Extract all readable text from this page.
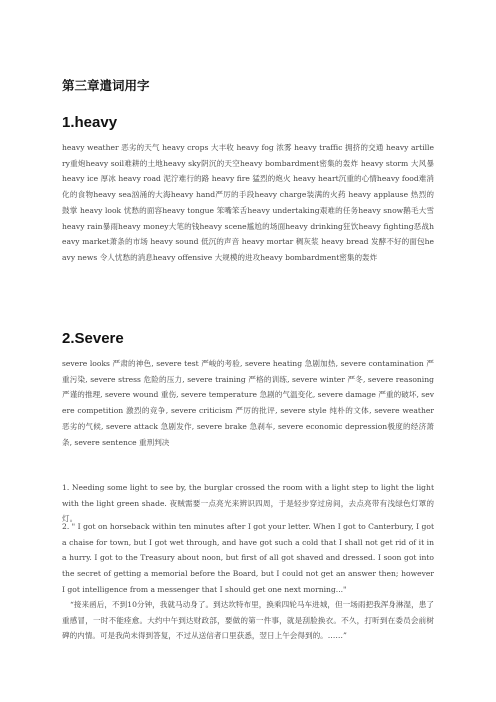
第三章遣词用字
1.heavy

heavy weather 恶劣的天气 heavy crops 大丰收 heavy fog 浓雾 heavy traffic 拥挤的交通 heavy artillery重炮heavy soil难耕的土地heavy sky阴沉的天空heavy bombardment密集的轰炸 heavy storm 大风暴 heavy ice 厚冰 heavy road 泥泞难行的路 heavy fire 猛烈的炮火 heavy heart沉重的心情heavy food难消化的食物heavy sea汹涌的大海heavy hand严厉的手段heavy charge装满的火药 heavy applause 热烈的鼓掌 heavy look 忧愁的面容heavy tongue 笨嘴笨舌heavy undertaking艰难的任务heavy snow鹅毛大雪heavy rain暴雨heavy money大笔的钱heavy scene尴尬的场面heavy drinking狂饮heavy fighting恶战heavy market萧条的市场 heavy sound 低沉的声音 heavy mortar 稠灰浆 heavy bread 发酵不好的面包heavy news 令人忧愁的消息heavy offensive 大规模的进攻heavy bombardment密集的轰炸

2.Severe

severe looks 严肃的神色, severe test 严峻的考验, severe heating 急剧加热, severe contamination 严重污染, severe stress 危险的压力, severe training 严格的训练, severe winter 严冬, severe reasoning 严谨的推理, severe wound 重伤, severe temperature 急剧的气温变化, severe damage 严重的破坏, severe competition 激烈的竞争, severe criticism 严厉的批评, severe style 纯朴的文体, severe weather 恶劣的气候, severe attack 急剧发作, severe brake 急刹车, severe economic depression极度的经济萧条, severe sentence 重刑判决

1. Needing some light to see by, the burglar crossed the room with a light step to light the light with the light green shade. 夜贼需要一点亮光来辨识四周，于是轻步穿过房间，去点亮带有浅绿色灯罩的灯。

2. " I got on horseback within ten minutes after I got your letter. When I got to Canterbury, I got a chaise for town, but I got wet through, and have got such a cold that I shall not get rid of it in a hurry. I got to the Treasury about noon, but first of all got shaved and dressed. I soon got into the secret of getting a memorial before the Board, but I could not get an answer then; however I got intelligence from a messenger that I should get one next morning..."

“接来函后，不到10分钟，我就马动身了。到达坎特布里，换乘四轮马车进城，但一场雨把我浑身淋湿，患了重感冒，一时不能痊愈。大约中午到达财政部，要做的第一件事，就是刮脸换衣。不久，打听到在委员会前树碑的内情。可是我尚未得到答复，不过从送信者口里获悉，翌日上午会得到的。……”
